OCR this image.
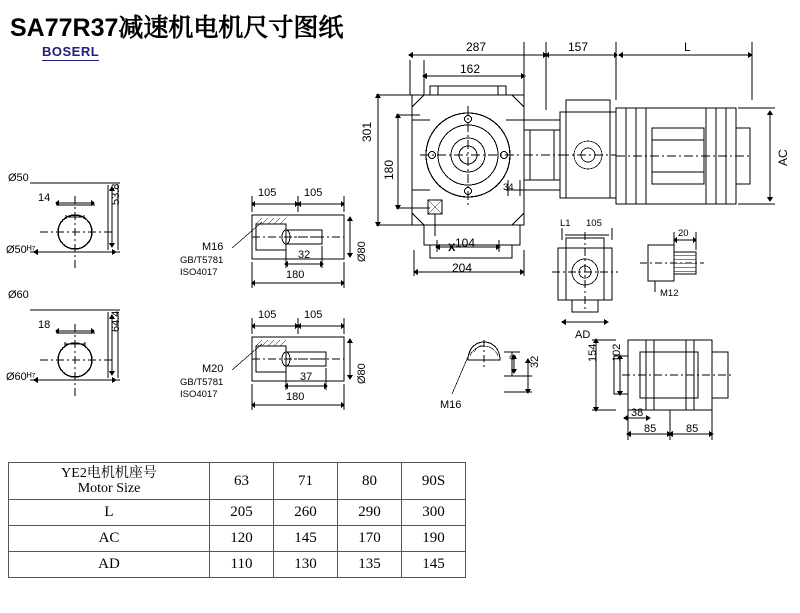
SA77R37减速机电机尺寸图纸
BOSERL
Ø50
53.8
14
Ø50ᴴ⁷
Ø60
64.4
18
Ø60ᴴ⁷
105	105
M16
GB/T5781
ISO4017
32
180
Ø80
105	105
M20
GB/T5781
ISO4017
37
180
Ø80
287
162
157	L
301
180
34
AC
104
204
X
M16
L1 105
20
M12
AD
154 102
38
85	85
6 32
YE2电机机座号
Motor Size	63	71	80	90S
L	205	260	290	300
AC	120	145	170	190
AD	110	130	135	145
